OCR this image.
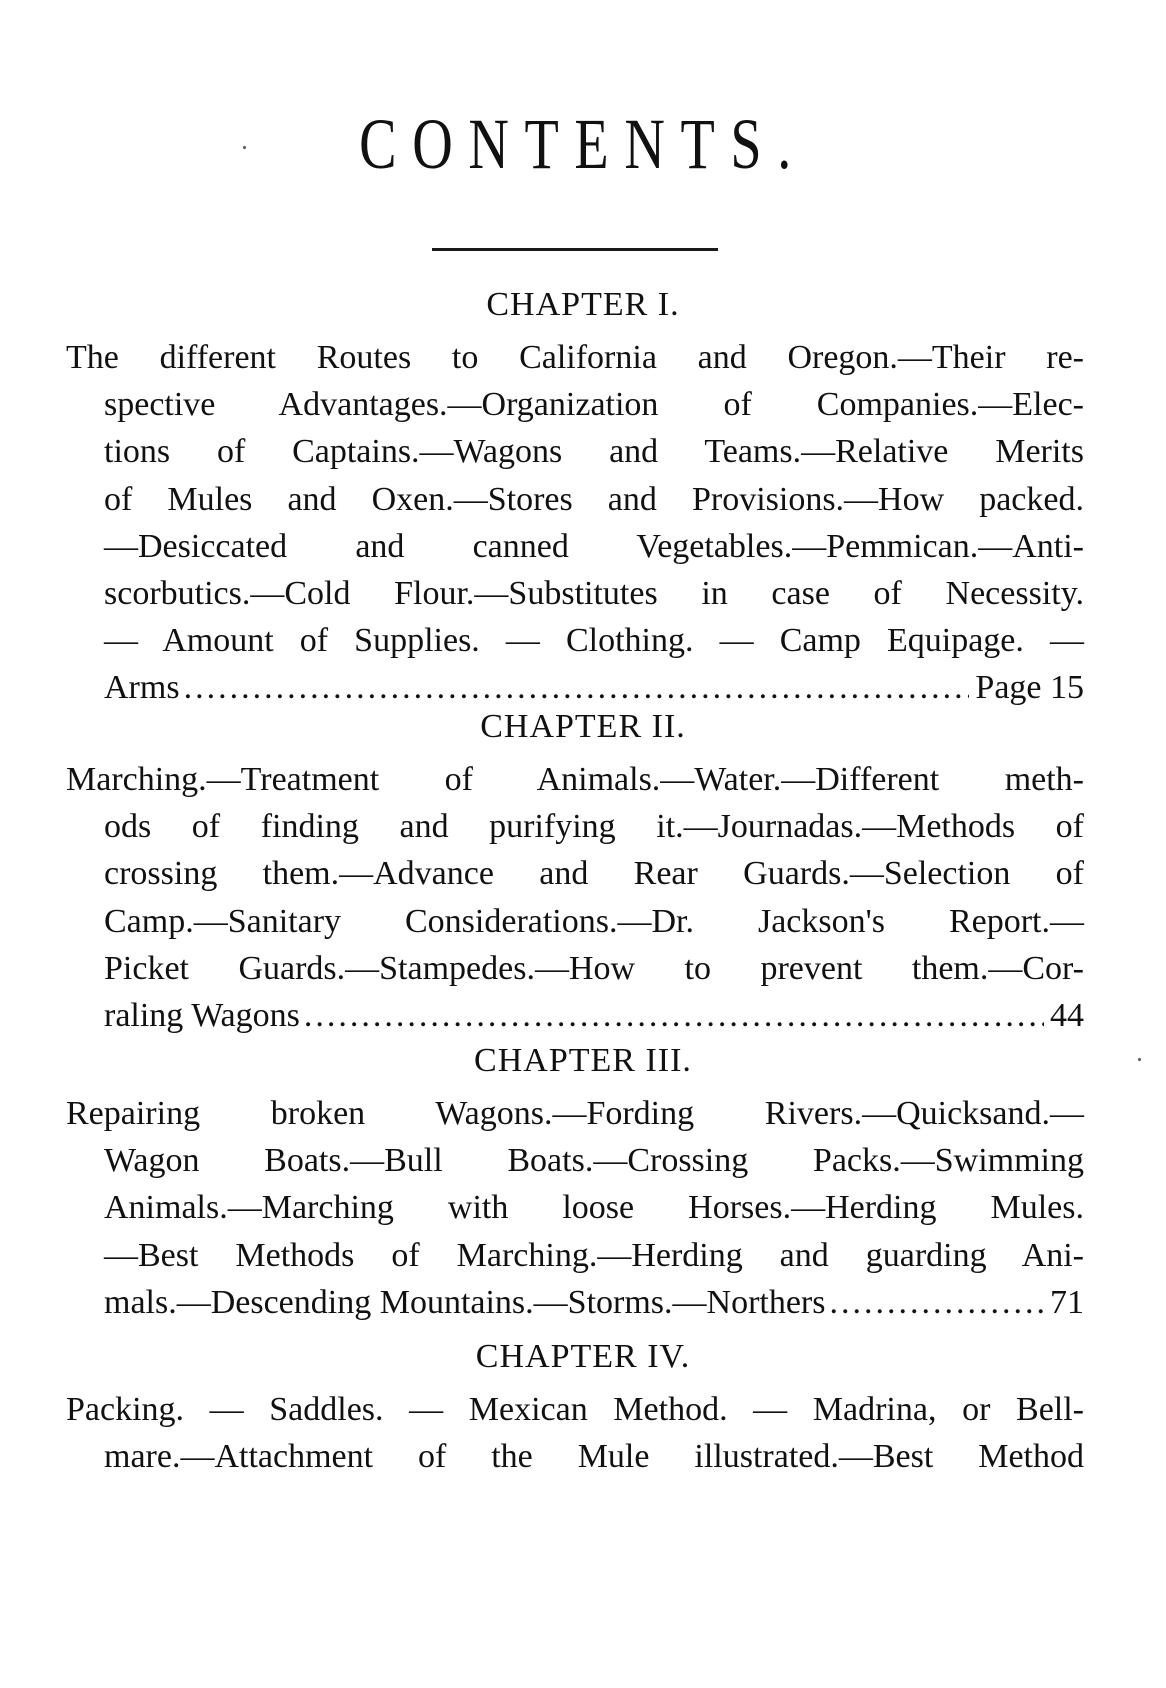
CONTENTS.
CHAPTER I.
The different Routes to California and Oregon.—Their re-
spective Advantages.—Organization of Companies.—Elec-
tions of Captains.—Wagons and Teams.—Relative Merits
of Mules and Oxen.—Stores and Provisions.—How packed.
—Desiccated and canned Vegetables.—Pemmican.—Anti-
scorbutics.—Cold Flour.—Substitutes in case of Necessity.
— Amount of Supplies. — Clothing. — Camp Equipage. —
Arms .....	Page 15
CHAPTER II.
Marching.—Treatment of Animals.—Water.—Different meth-
ods of finding and purifying it.—Journadas.—Methods of
crossing them.—Advance and Rear Guards.—Selection of
Camp.—Sanitary Considerations.—Dr. Jackson's Report.—
Picket Guards.—Stampedes.—How to prevent them.—Cor-
raling Wagons .....	44
CHAPTER III.
Repairing broken Wagons.—Fording Rivers.—Quicksand.—
Wagon Boats.—Bull Boats.—Crossing Packs.—Swimming
Animals.—Marching with loose Horses.—Herding Mules.
—Best Methods of Marching.—Herding and guarding Ani-
mals.—Descending Mountains.—Storms.—Northers .....	71
CHAPTER IV.
Packing. — Saddles. — Mexican Method. — Madrina, or Bell-
mare.—Attachment of the Mule illustrated.—Best Method
